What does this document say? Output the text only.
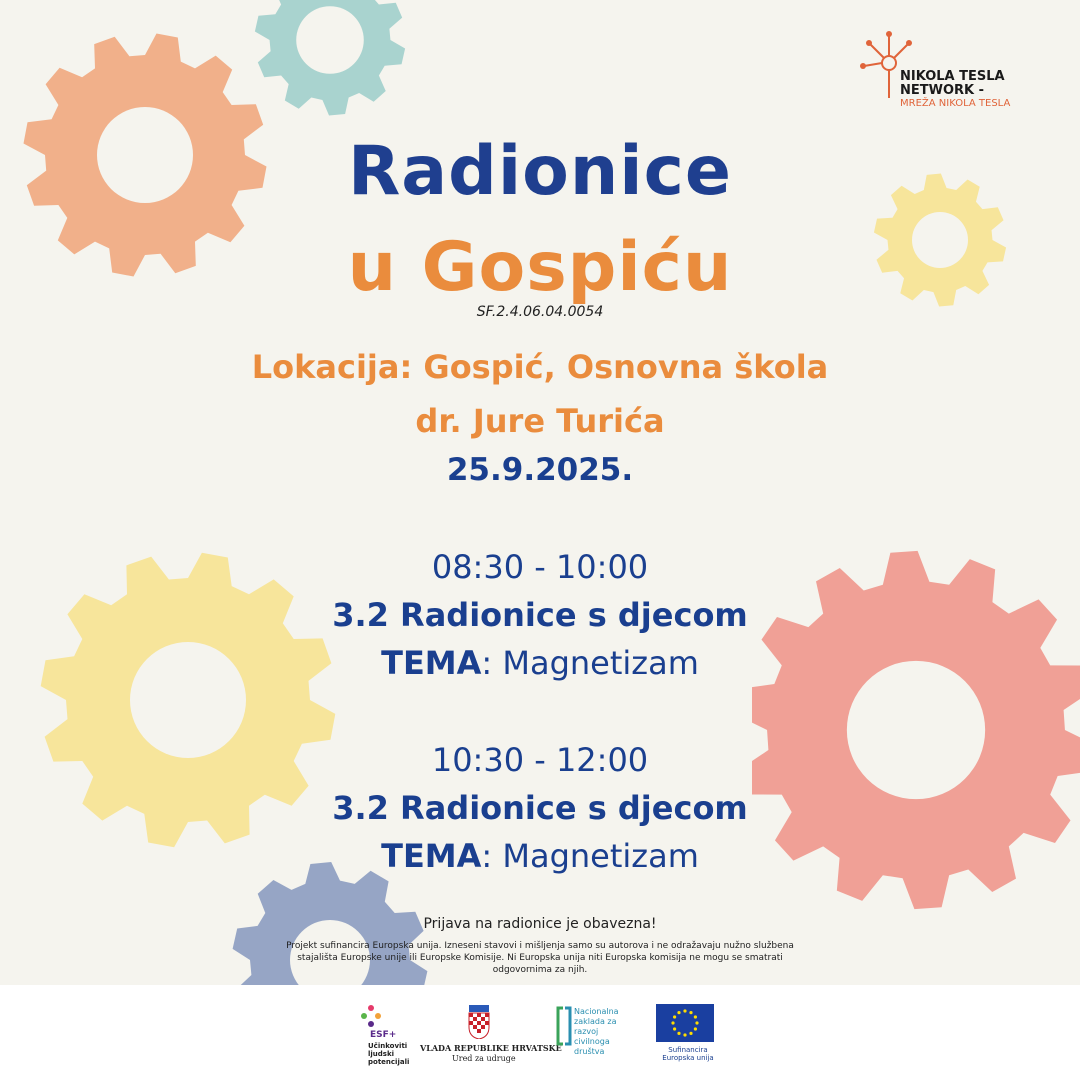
NIKOLA TESLA
NETWORK -
MREŽA NIKOLA TESLA
Radionice
u Gospiću
SF.2.4.06.04.0054
Lokacija: Gospić, Osnovna škola
dr. Jure Turića
25.9.2025.
08:30 - 10:00
3.2 Radionice s djecom
TEMA: Magnetizam
10:30 - 12:00
3.2 Radionice s djecom
TEMA: Magnetizam
Prijava na radionice je obavezna!
Projekt sufinancira Europska unija. Izneseni stavovi i mišljenja samo su autorova i ne odražavaju nužno službena
stajališta Europske unije ili Europske Komisije. Ni Europska unija niti Europska komisija ne mogu se smatrati
odgovornima za njih.
ESF+
Učinkoviti
ljudski
potencijali
VLADA REPUBLIKE HRVATSKE
Ured za udruge
Nacionalna
zaklada za
razvoj
civilnoga
društva	Sufinancira
Europska unija
